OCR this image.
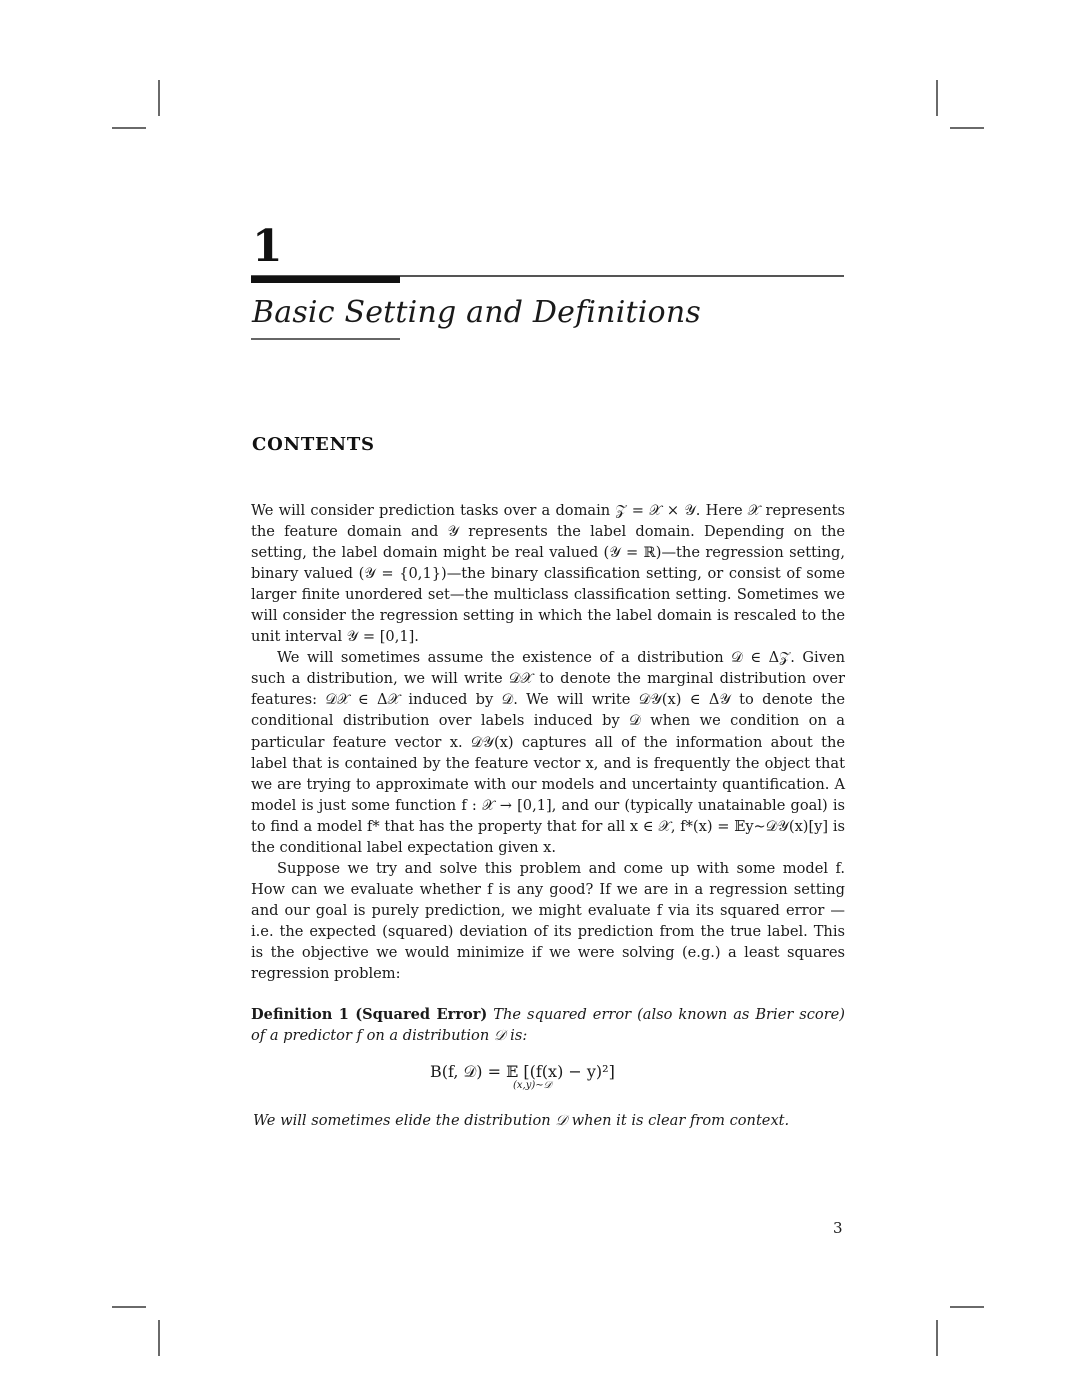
1
Basic Setting and Definitions
CONTENTS

We will consider prediction tasks over a domain 𝒵 = 𝒳 × 𝒴. Here 𝒳 represents the feature domain and 𝒴 represents the label domain. Depending on the setting, the label domain might be real valued (𝒴 = ℝ)—the regression setting, binary valued (𝒴 = {0,1})—the binary classification setting, or consist of some larger finite unordered set—the multiclass classification setting. Sometimes we will consider the regression setting in which the label domain is rescaled to the unit interval 𝒴 = [0,1].

We will sometimes assume the existence of a distribution 𝒟 ∈ Δ𝒵. Given such a distribution, we will write 𝒟𝒳 to denote the marginal distribution over features: 𝒟𝒳 ∈ Δ𝒳 induced by 𝒟. We will write 𝒟𝒴(x) ∈ Δ𝒴 to denote the conditional distribution over labels induced by 𝒟 when we condition on a particular feature vector x. 𝒟𝒴(x) captures all of the information about the label that is contained by the feature vector x, and is frequently the object that we are trying to approximate with our models and uncertainty quantification. A model is just some function f : 𝒳 → [0,1], and our (typically unatainable goal) is to find a model f* that has the property that for all x ∈ 𝒳, f*(x) = 𝔼y∼𝒟𝒴(x)[y] is the conditional label expectation given x.

Suppose we try and solve this problem and come up with some model f. How can we evaluate whether f is any good? If we are in a regression setting and our goal is purely prediction, we might evaluate f via its squared error — i.e. the expected (squared) deviation of its prediction from the true label. This is the objective we would minimize if we were solving (e.g.) a least squares regression problem:

Definition 1 (Squared Error) The squared error (also known as Brier score) of a predictor f on a distribution 𝒟 is:
B(f, 𝒟) = 𝔼 [(f(x) − y)²]
(x,y)∼𝒟
We will sometimes elide the distribution 𝒟 when it is clear from context.
3
